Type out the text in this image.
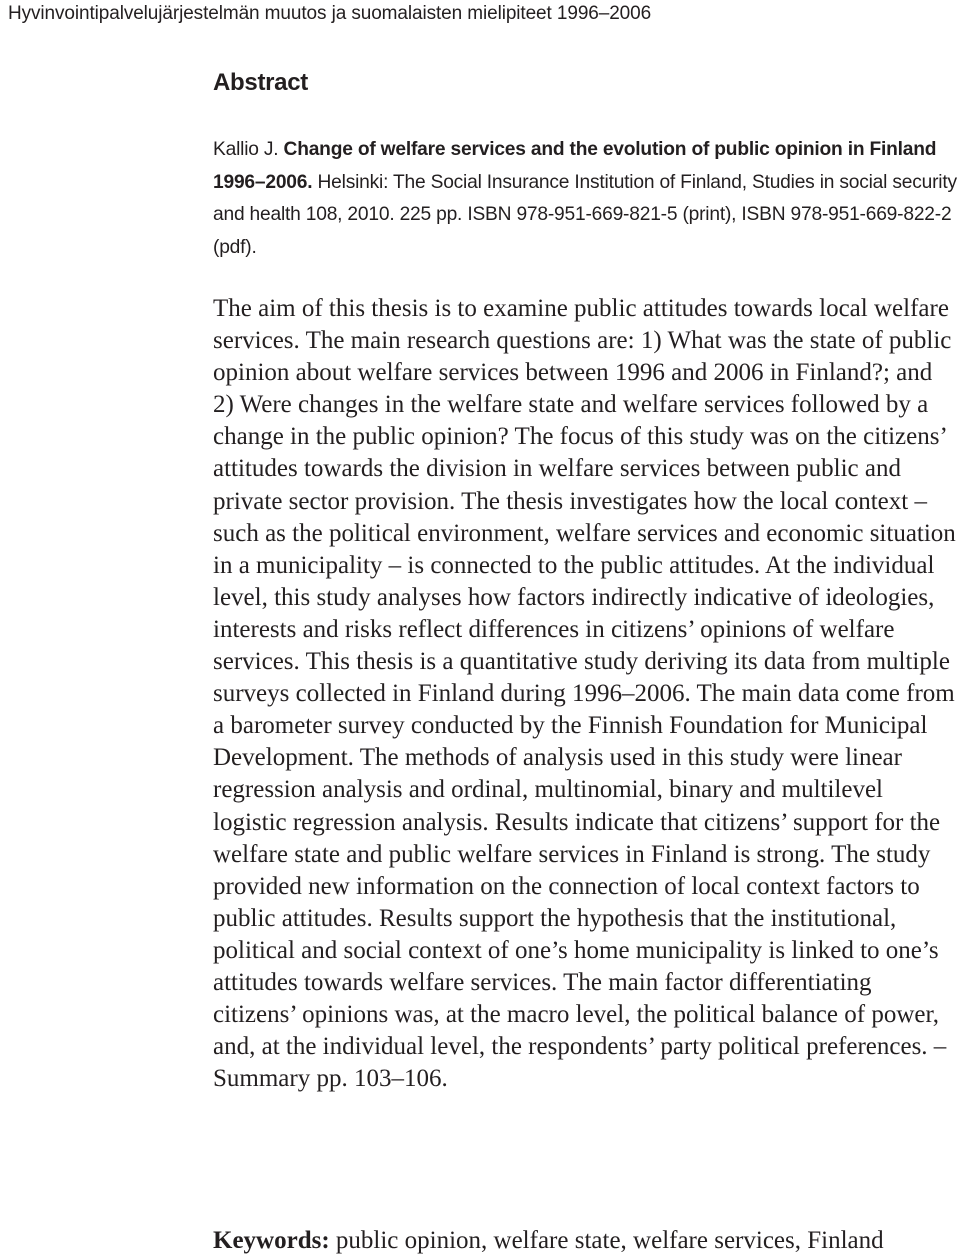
Hyvinvointipalvelujärjestelmän muutos ja suomalaisten mielipiteet 1996–2006
Abstract

Kallio J. Change of welfare services and the evolution of public opinion in Finland 1996–2006. Helsinki: The Social Insurance Institution of Finland, Studies in social security and health 108, 2010. 225 pp. ISBN 978-951-669-821-5 (print), ISBN 978-951-669-822-2 (pdf).

The aim of this thesis is to examine public attitudes towards local welfare services. The main research questions are: 1) What was the state of public opinion about welfare services between 1996 and 2006 in Finland?; and 2) Were changes in the welfare state and welfare services followed by a change in the public opinion? The focus of this study was on the citizens’ attitudes towards the division in welfare services between public and private sector provision. The thesis investigates how the local context – such as the political environment, welfare services and economic situation in a municipality – is connected to the public attitudes. At the individual level, this study analyses how factors indirectly indicative of ideologies, interests and risks reflect differences in citizens’ opinions of welfare services. This thesis is a quantitative study deriving its data from multiple surveys collected in Finland during 1996–2006. The main data come from a barometer survey conducted by the Finnish Foundation for Municipal Development. The methods of analysis used in this study were linear regression analysis and ordinal, multinomial, binary and multilevel logistic regression analysis. Results indicate that citizens’ support for the welfare state and public welfare services in Finland is strong. The study provided new information on the connection of local context factors to public attitudes. Results support the hypothesis that the institutional, political and social context of one’s home municipality is linked to one’s attitudes towards welfare services. The main factor differentiating citizens’ opinions was, at the macro level, the political balance of power, and, at the individual level, the respondents’ party political preferences. – Summary pp. 103–106.

Keywords: public opinion, welfare state, welfare services, Finland
